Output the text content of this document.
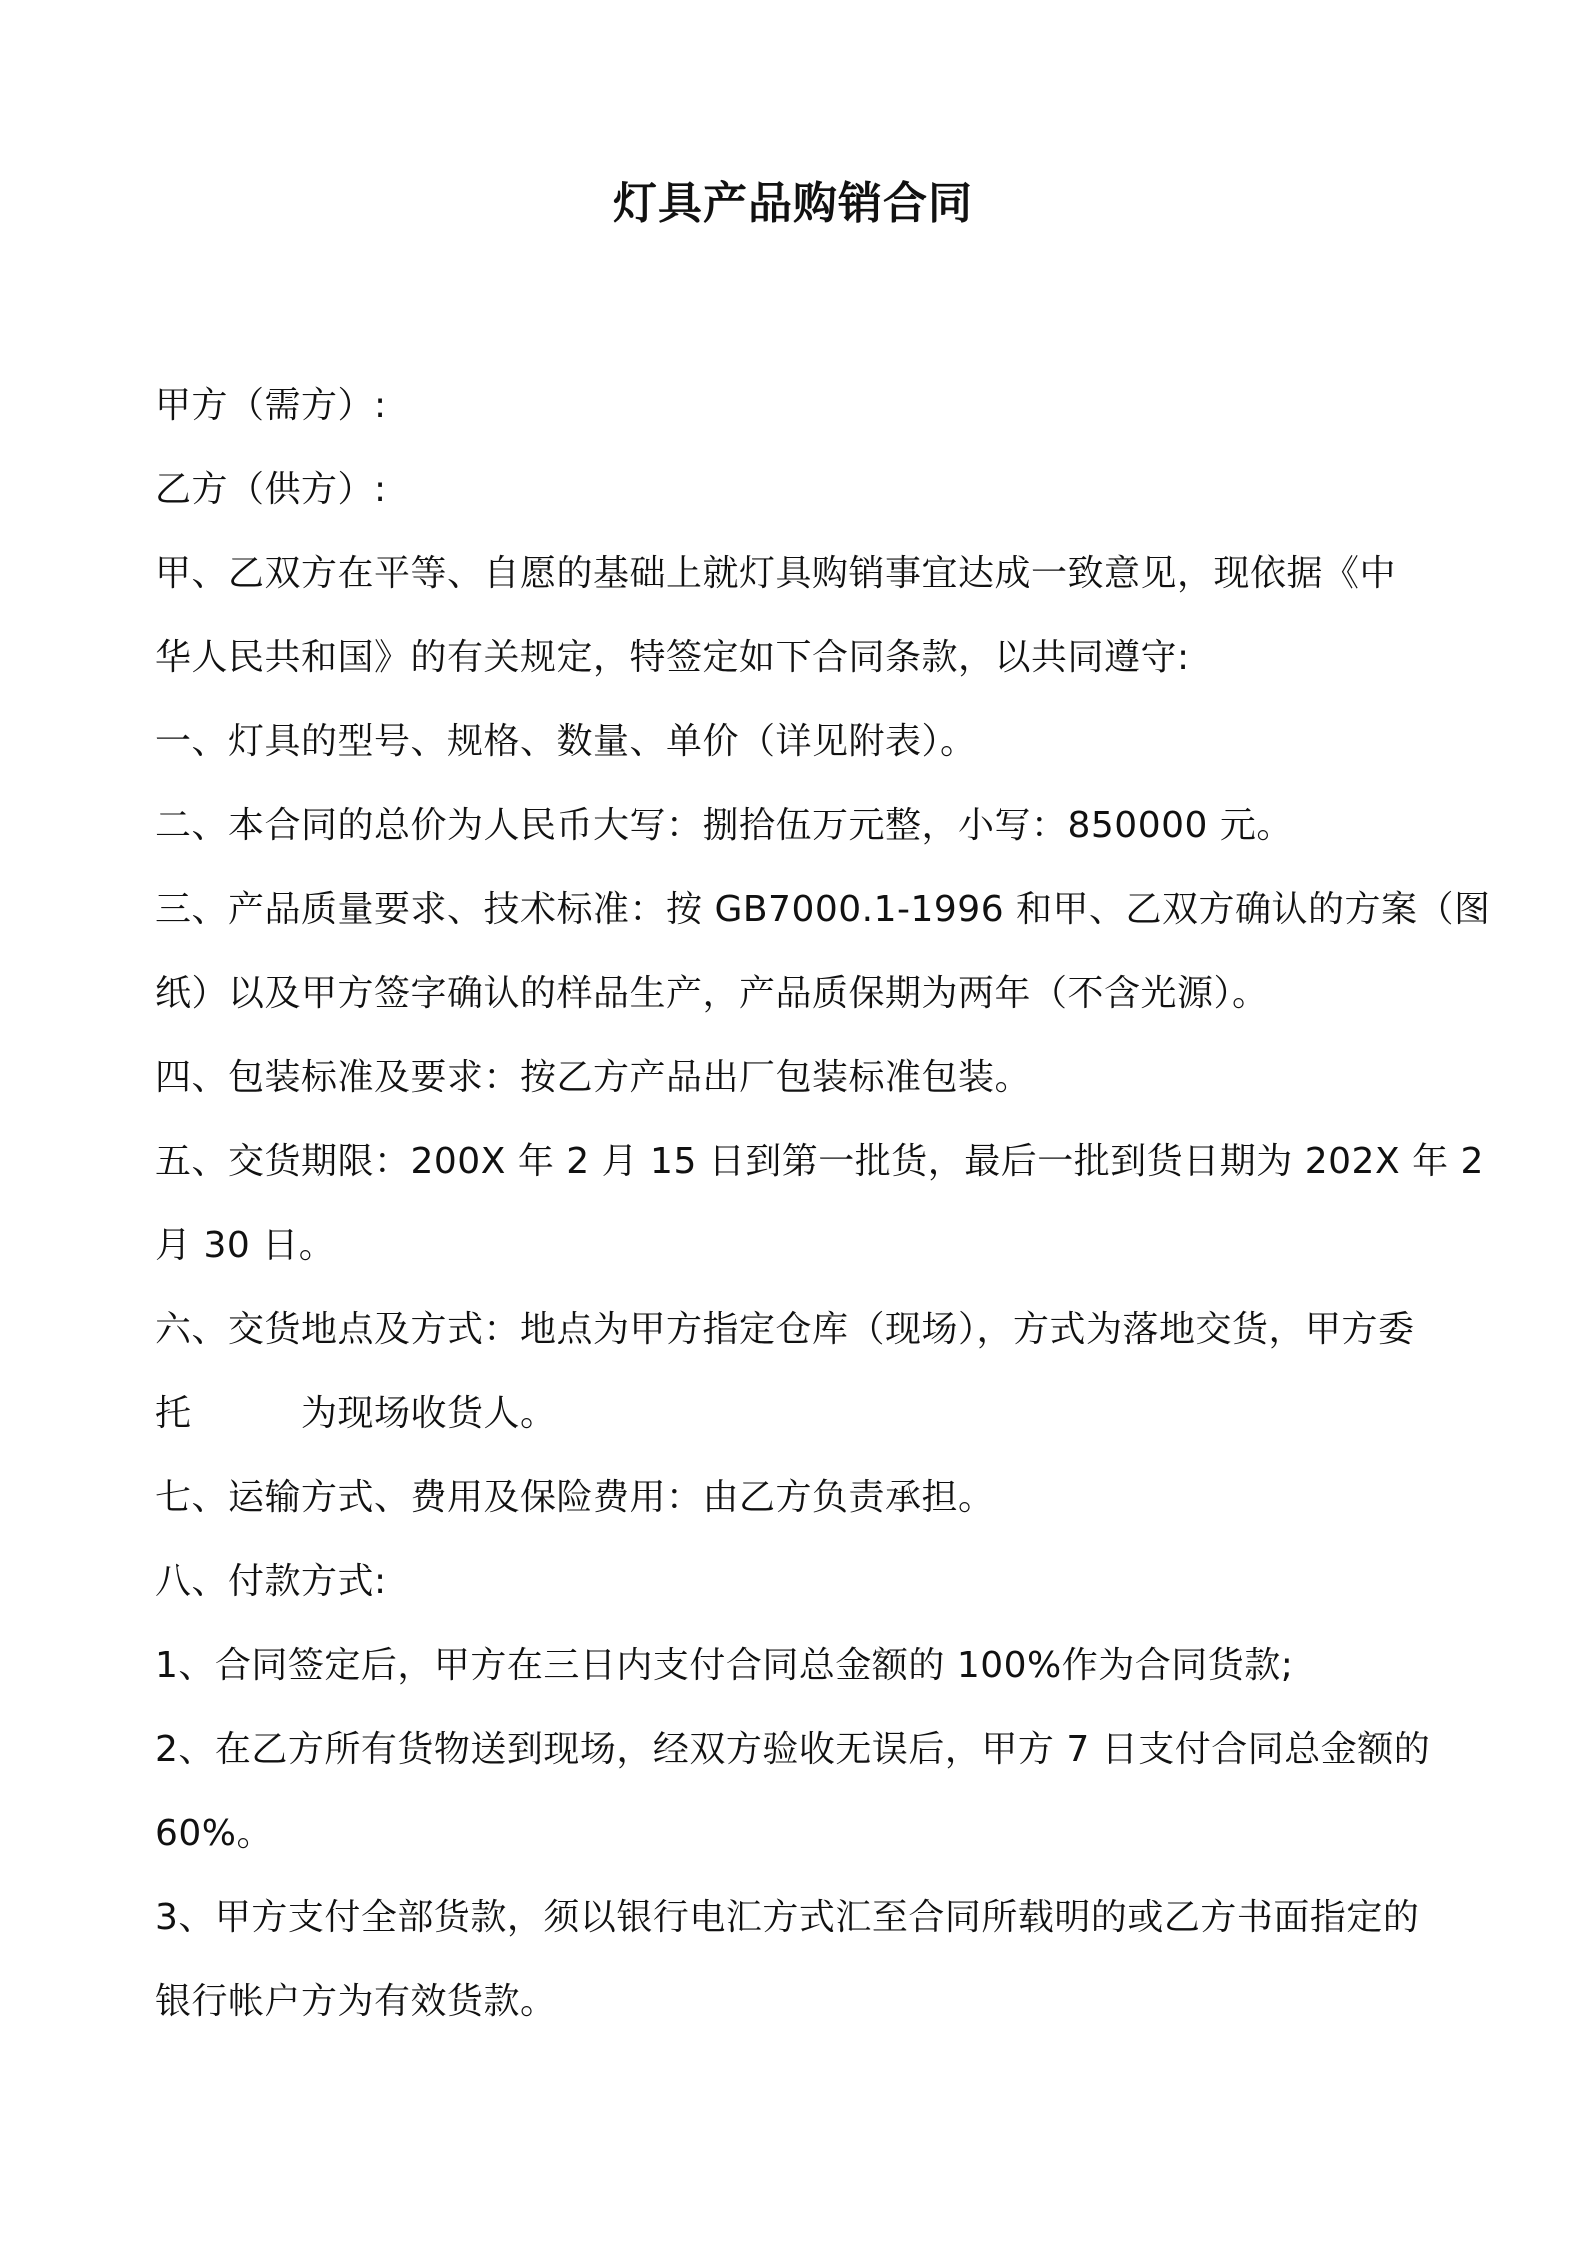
灯具产品购销合同
甲方（需方）:
乙方（供方）:
甲、乙双方在平等、自愿的基础上就灯具购销事宜达成一致意见，现依据《中
华人民共和国》的有关规定，特签定如下合同条款，以共同遵守:
一、灯具的型号、规格、数量、单价（详见附表）。
二、本合同的总价为人民币大写：捌拾伍万元整，小写：850000 元。
三、产品质量要求、技术标准：按 GB7000.1-1996 和甲、乙双方确认的方案（图
纸）以及甲方签字确认的样品生产，产品质保期为两年（不含光源）。
四、包装标准及要求：按乙方产品出厂包装标准包装。
五、交货期限：200X 年 2 月 15 日到第一批货，最后一批到货日期为 202X 年 2
月 30 日。
六、交货地点及方式：地点为甲方指定仓库（现场），方式为落地交货，甲方委
托　　　为现场收货人。
七、运输方式、费用及保险费用：由乙方负责承担。
八、付款方式:
1、合同签定后，甲方在三日内支付合同总金额的 100%作为合同货款;
2、在乙方所有货物送到现场，经双方验收无误后，甲方 7 日支付合同总金额的
60%。
3、甲方支付全部货款，须以银行电汇方式汇至合同所载明的或乙方书面指定的
银行帐户方为有效货款。
